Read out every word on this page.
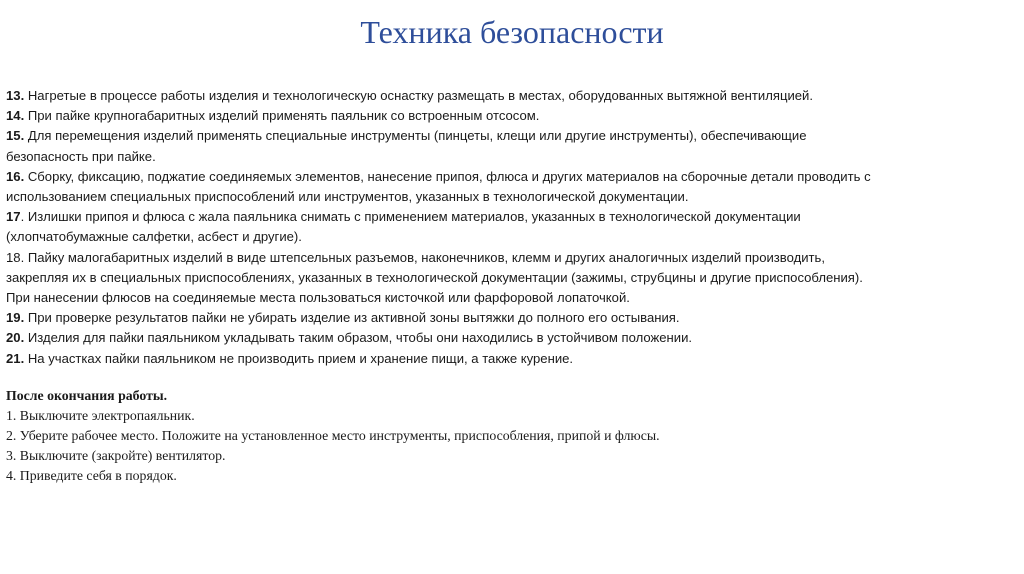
Техника безопасности

13. Нагретые в процессе работы изделия и технологическую оснастку размещать в местах, оборудованных вытяжной вентиляцией.

14. При пайке крупногабаритных изделий применять паяльник со встроенным отсосом.

15. Для перемещения изделий применять специальные инструменты (пинцеты, клещи или другие инструменты), обеспечивающие

безопасность при пайке.

16. Сборку, фиксацию, поджатие соединяемых элементов, нанесение припоя, флюса и других материалов на сборочные детали проводить с

использованием специальных приспособлений или инструментов, указанных в технологической документации.

17. Излишки припоя и флюса с жала паяльника снимать с применением материалов, указанных в технологической документации

(хлопчатобумажные салфетки, асбест и другие).

18. Пайку малогабаритных изделий в виде штепсельных разъемов, наконечников, клемм и других аналогичных изделий производить,

закрепляя их в специальных приспособлениях, указанных в технологической документации (зажимы, струбцины и другие приспособления).

При нанесении флюсов на соединяемые места пользоваться кисточкой или фарфоровой лопаточкой.

19. При проверке результатов пайки не убирать изделие из активной зоны вытяжки до полного его остывания.

20. Изделия для пайки паяльником укладывать таким образом, чтобы они находились в устойчивом положении.

21. На участках пайки паяльником не производить прием и хранение пищи, а также курение.

После окончания работы.

1. Выключите электропаяльник.

2. Уберите рабочее место. Положите на установленное место инструменты, приспособления, припой и флюсы.

3. Выключите (закройте) вентилятор.

4. Приведите себя в порядок.
